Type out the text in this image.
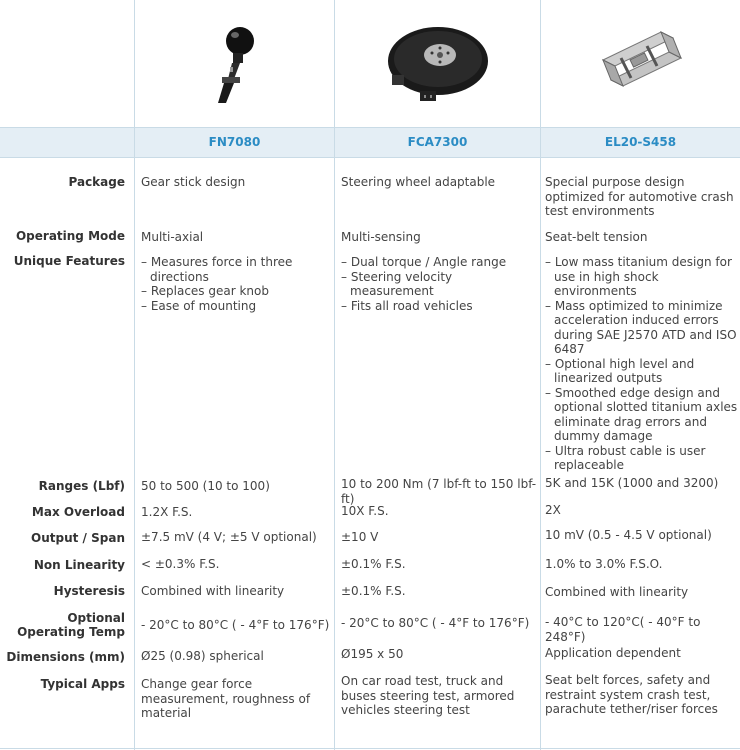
FN7080	FCA7300	EL20-S458
Package Gear stick design	Steering wheel adaptable	Special purpose design optimized for automotive crash test environments
Operating Mode Multi-axial	Multi-sensing	Seat-belt tension
Unique Features
–	Measures force in three directions
– Replaces gear knob
– Ease of mounting
– Dual torque / Angle range
– Steering velocity measurement
– Fits all road vehicles
– Low mass titanium design for use in high shock environments
– Mass optimized to minimize acceleration induced errors during SAE J2570 ATD and ISO 6487
– Optional high level and linearized outputs
– Smoothed edge design and optional slotted titanium axles eliminate drag errors and dummy damage
– Ultra robust cable is user replaceable
Ranges (Lbf) 50 to 500 (10 to 100)	10 to 200 Nm (7 lbf-ft to 150 lbf-ft)
5K and 15K (1000 and 3200)
Max Overload 1.2X F.S.	10X F.S.	2X
Output / Span ±7.5 mV (4 V; ±5 V optional)	±10 V	10 mV (0.5 - 4.5 V optional)
Non Linearity < ±0.3% F.S.	±0.1% F.S.	1.0% to 3.0% F.S.O.
Hysteresis Combined with linearity	±0.1% F.S.	Combined with linearity
Optional
Operating Temp - 20°C to 80°C ( - 4°F to 176°F) - 20°C to 80°C ( - 4°F to 176°F)	- 40°C to 120°C( - 40°F to 248°F)
Dimensions (mm) Ø25 (0.98) spherical	Ø195 x 50	Application dependent
Typical Apps Change gear force measurement, roughness of material
On car road test, truck and buses steering test, armored vehicles steering test
Seat belt forces, safety and restraint system crash test, parachute tether/riser forces
